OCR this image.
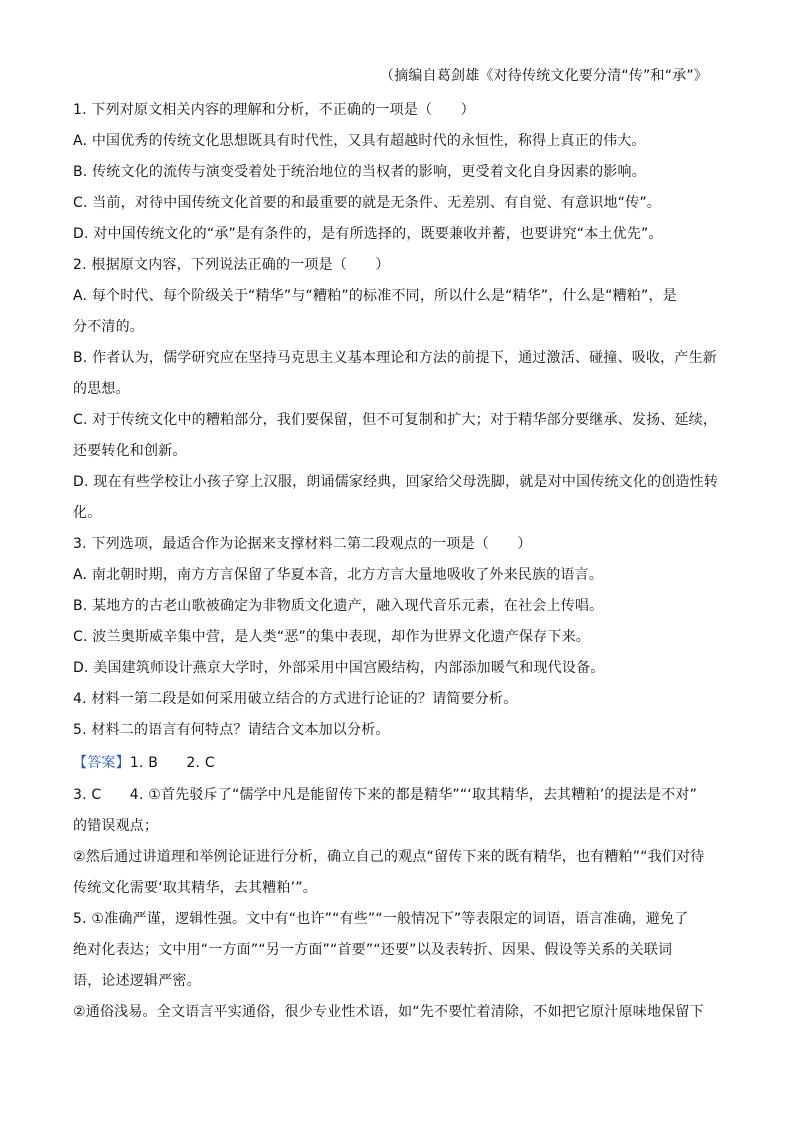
（摘编自葛剑雄《对待传统文化要分清“传”和“承”》
1. 下列对原文相关内容的理解和分析，不正确的一项是（　　）
A. 中国优秀的传统文化思想既具有时代性，又具有超越时代的永恒性，称得上真正的伟大。
B. 传统文化的流传与演变受着处于统治地位的当权者的影响，更受着文化自身因素的影响。
C. 当前，对待中国传统文化首要的和最重要的就是无条件、无差别、有自觉、有意识地“传”。
D. 对中国传统文化的“承”是有条件的，是有所选择的，既要兼收并蓄，也要讲究“本土优先”。
2. 根据原文内容，下列说法正确的一项是（　　）
A. 每个时代、每个阶级关于“精华”与“糟粕”的标准不同，所以什么是“精华”，什么是“糟粕”，是
分不清的。
B. 作者认为，儒学研究应在坚持马克思主义基本理论和方法的前提下，通过激活、碰撞、吸收，产生新
的思想。
C. 对于传统文化中的糟粕部分，我们要保留，但不可复制和扩大；对于精华部分要继承、发扬、延续，
还要转化和创新。
D. 现在有些学校让小孩子穿上汉服，朗诵儒家经典，回家给父母洗脚，就是对中国传统文化的创造性转
化。
3. 下列选项，最适合作为论据来支撑材料二第二段观点的一项是（　　）
A. 南北朝时期，南方方言保留了华夏本音，北方方言大量地吸收了外来民族的语言。
B. 某地方的古老山歌被确定为非物质文化遗产，融入现代音乐元素，在社会上传唱。
C. 波兰奥斯威辛集中营，是人类“恶”的集中表现，却作为世界文化遗产保存下来。
D. 美国建筑师设计燕京大学时，外部采用中国宫殿结构，内部添加暖气和现代设备。
4. 材料一第二段是如何采用破立结合的方式进行论证的？请简要分析。
5. 材料二的语言有何特点？请结合文本加以分析。
【答案】1. B　　2. C
3. C　　4. ①首先驳斥了“儒学中凡是能留传下来的都是精华”“‘取其精华，去其糟粕’的提法是不对”
的错误观点；
②然后通过讲道理和举例论证进行分析，确立自己的观点“留传下来的既有精华，也有糟粕”“我们对待
传统文化需要‘取其精华，去其糟粕’”。
5. ①准确严谨，逻辑性强。文中有“也许”“有些”“一般情况下”等表限定的词语，语言准确，避免了
绝对化表达；文中用“一方面”“另一方面”“首要”“还要”以及表转折、因果、假设等关系的关联词
语，论述逻辑严密。
②通俗浅易。全文语言平实通俗，很少专业性术语，如“先不要忙着清除，不如把它原汁原味地保留下
